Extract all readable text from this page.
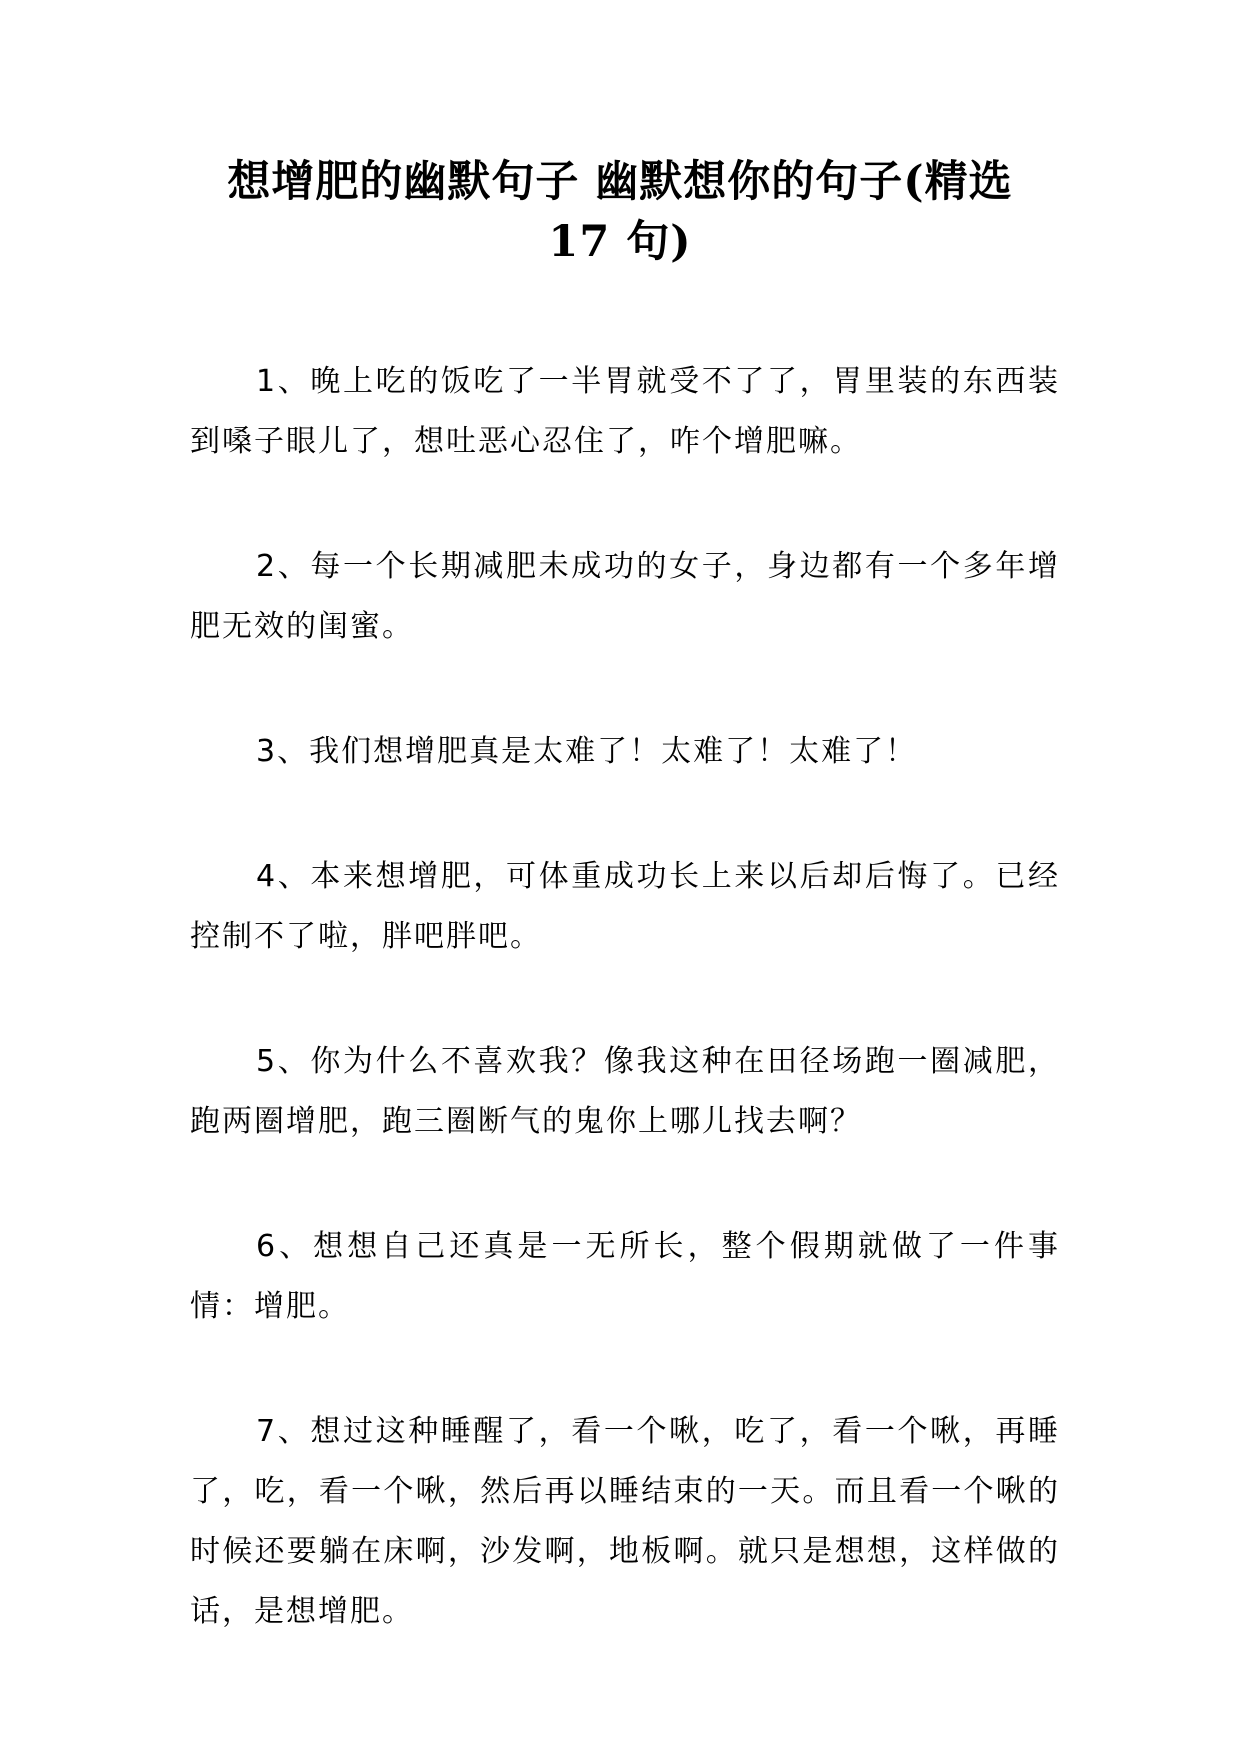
想增肥的幽默句子 幽默想你的句子(精选
17 句)

1、晚上吃的饭吃了一半胃就受不了了，胃里装的东西装到嗓子眼儿了，想吐恶心忍住了，咋个增肥嘛。

2、每一个长期减肥未成功的女子，身边都有一个多年增肥无效的闺蜜。

3、我们想增肥真是太难了！太难了！太难了！

4、本来想增肥，可体重成功长上来以后却后悔了。已经控制不了啦，胖吧胖吧。

5、你为什么不喜欢我？像我这种在田径场跑一圈减肥，跑两圈增肥，跑三圈断气的鬼你上哪儿找去啊？

6、想想自己还真是一无所长，整个假期就做了一件事情：增肥。

7、想过这种睡醒了，看一个啾，吃了，看一个啾，再睡了，吃，看一个啾，然后再以睡结束的一天。而且看一个啾的时候还要躺在床啊，沙发啊，地板啊。就只是想想，这样做的话，是想增肥。
